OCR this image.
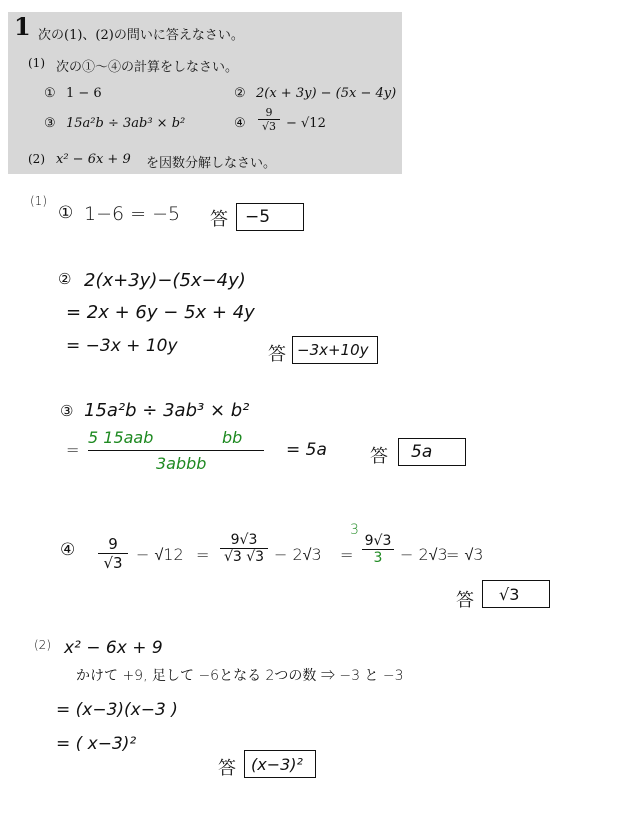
1 次の(1)、(2)の問いに答えなさい。
(1) 次の①～④の計算をしなさい。
① 1 − 6	② 2(x + 3y) − (5x − 4y)
③ 15a²b ÷ 3ab³ × b²	④ $\frac{9}{√3} - √12$
(2) x² − 6x + 9 を因数分解しなさい。
(1)
① 1−6 = −5 答 −5
② 2(x+3y)−(5x−4y)
= 2x + 6y − 5x + 4y
= −3x + 10y	答 −3x+10y
③ 15a²b ÷ 3ab³ × b²
=
5 15aab	bb
3abbb
= 5a 答 5a
④ $\frac{9}{√3} - √12 = \frac{9√3}{√3 √3} - 2√3$ =
3
$\frac{9√3}{3} - 2√3$
= √3
答 √3
(2) x² − 6x + 9
かけて +9, 足して −6となる 2つの数 ⇒ −3 と −3
= (x−3)(x−3 )
= ( x−3)²
答 (x−3)²
